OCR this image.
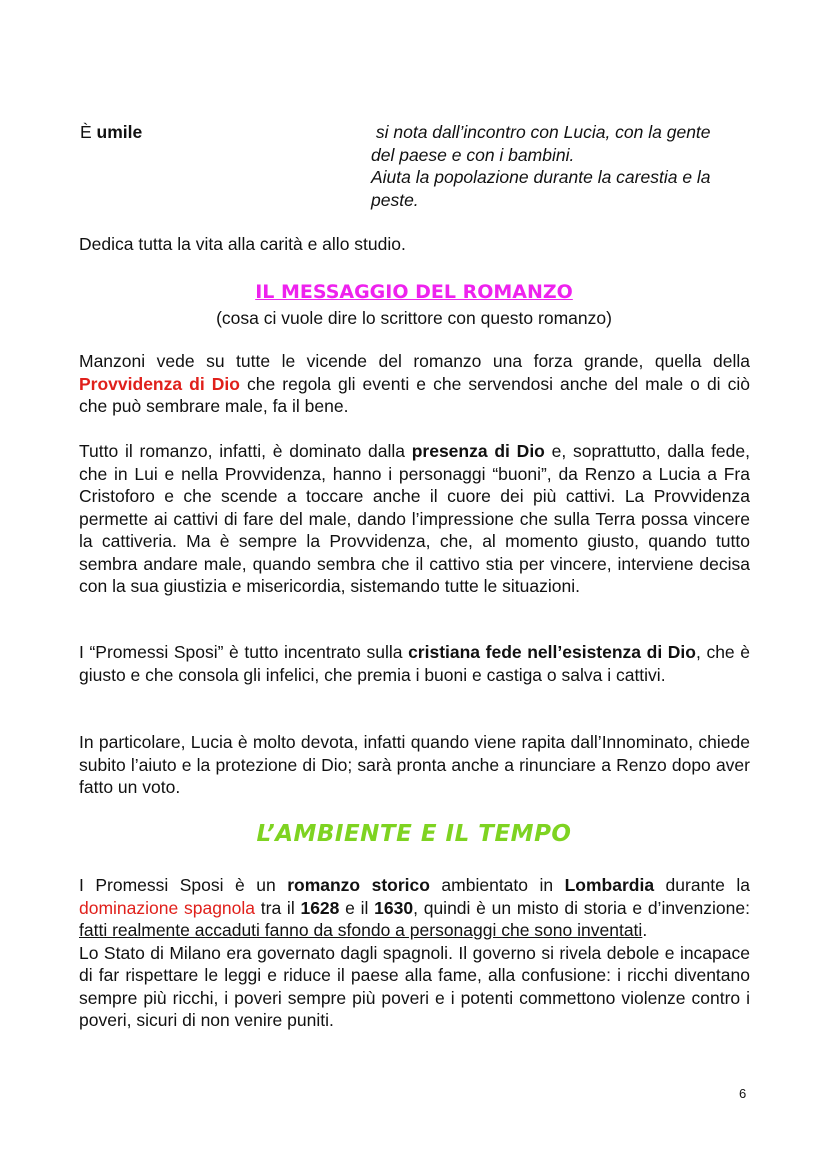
È umile	si nota dall’incontro con Lucia, con la gente
del paese e con i bambini.
Aiuta la popolazione durante la carestia e la
peste.
Dedica tutta la vita alla carità e allo studio.
IL MESSAGGIO DEL ROMANZO
(cosa ci vuole dire lo scrittore con questo romanzo)
Manzoni vede su tutte le vicende del romanzo una forza grande, quella della Provvidenza di Dio che regola gli eventi e che servendosi anche del male o di ciò che può sembrare male, fa il bene.
Tutto il romanzo, infatti, è dominato dalla presenza di Dio e, soprattutto, dalla fede, che in Lui e nella Provvidenza, hanno i personaggi “buoni”, da Renzo a Lucia a Fra Cristoforo e che scende a toccare anche il cuore dei più cattivi. La Provvidenza permette ai cattivi di fare del male, dando l’impressione che sulla Terra possa vincere la cattiveria. Ma è sempre la Provvidenza, che, al momento giusto, quando tutto sembra andare male, quando sembra che il cattivo stia per vincere, interviene decisa con la sua giustizia e misericordia, sistemando tutte le situazioni.
I “Promessi Sposi” è tutto incentrato sulla cristiana fede nell’esistenza di Dio, che è giusto e che consola gli infelici, che premia i buoni e castiga o salva i cattivi.
In particolare, Lucia è molto devota, infatti quando viene rapita dall’Innominato, chiede subito l’aiuto e la protezione di Dio; sarà pronta anche a rinunciare a Renzo dopo aver fatto un voto.
L’AMBIENTE E IL TEMPO
I Promessi Sposi è un romanzo storico ambientato in Lombardia durante la dominazione spagnola tra il 1628 e il 1630, quindi è un misto di storia e d’invenzione: fatti realmente accaduti fanno da sfondo a personaggi che sono inventati.
Lo Stato di Milano era governato dagli spagnoli. Il governo si rivela debole e incapace di far rispettare le leggi e riduce il paese alla fame, alla confusione: i ricchi diventano sempre più ricchi, i poveri sempre più poveri e i potenti commettono violenze contro i poveri, sicuri di non venire puniti.
6
